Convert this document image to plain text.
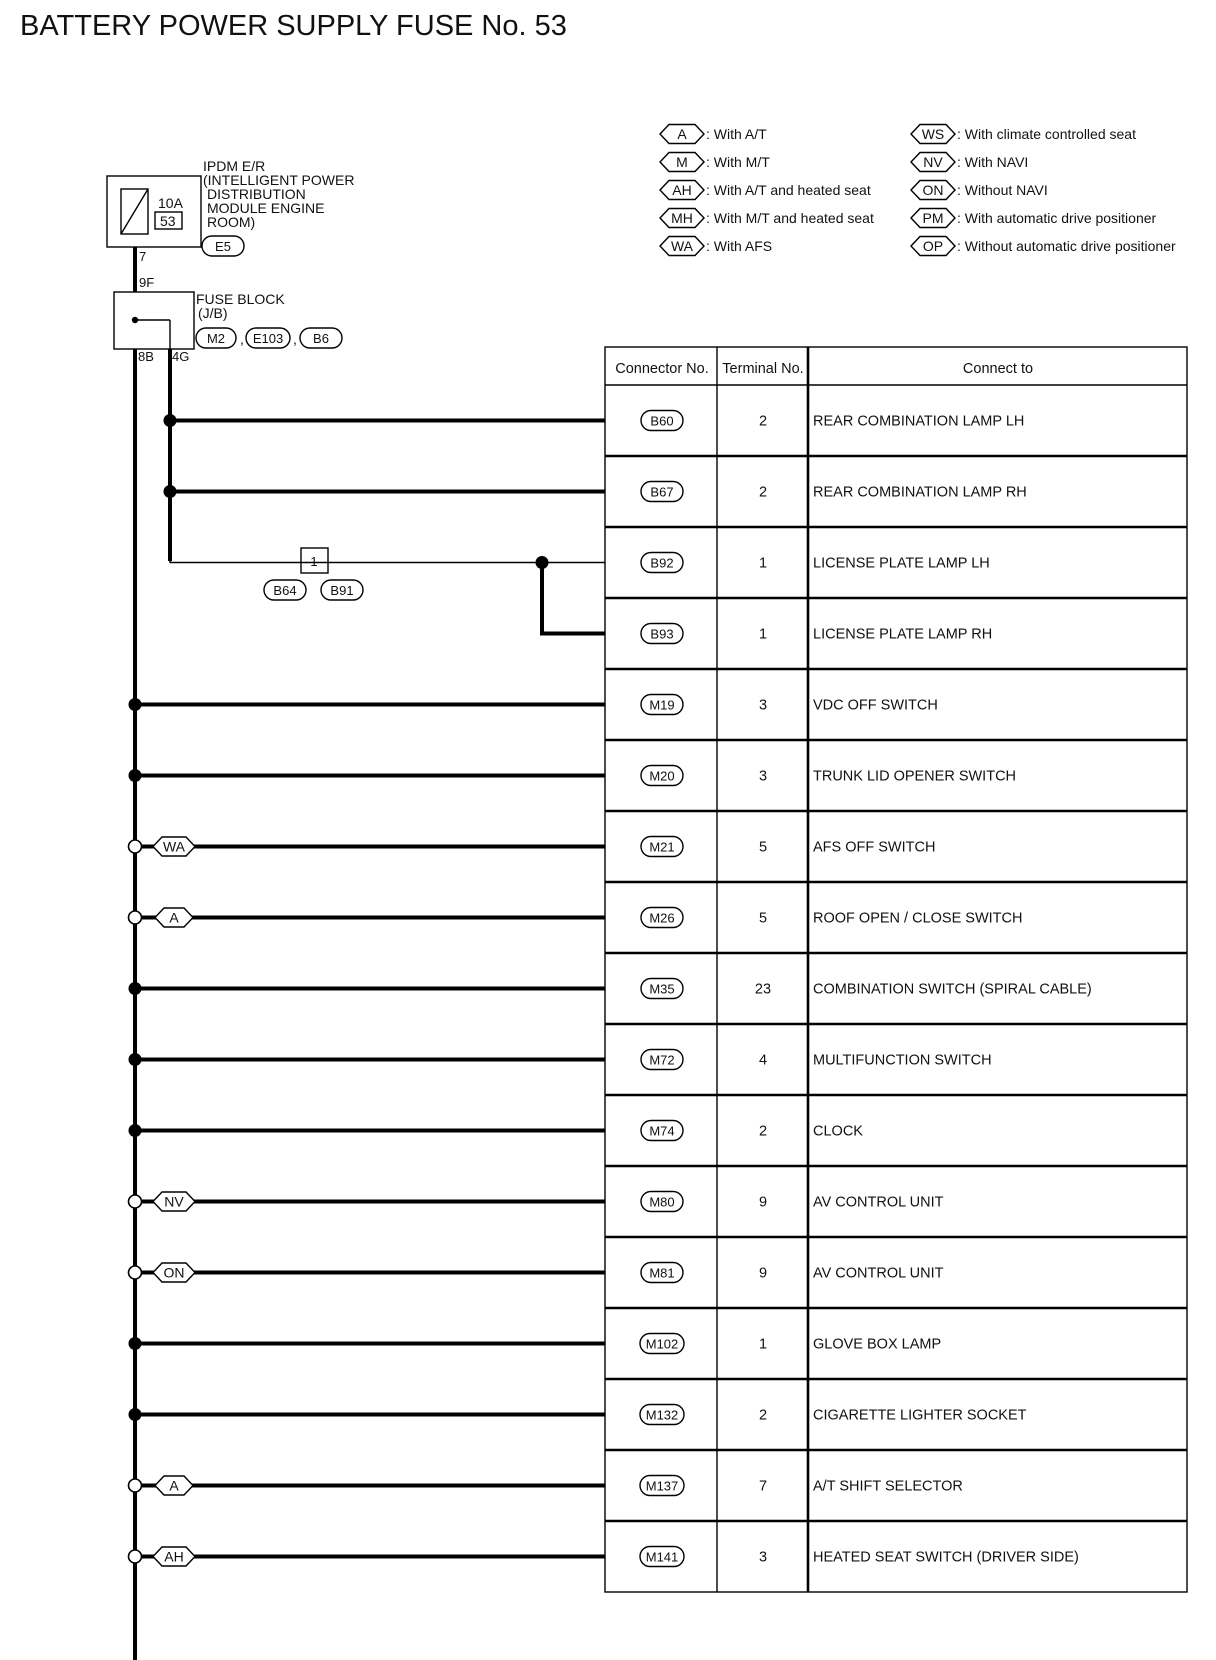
BATTERY POWER SUPPLY FUSE No. 53
A : With A/T
M : With M/T
AH : With A/T and heated seat
MH : With M/T and heated seat
WA : With AFS
WS : With climate controlled seat
NV : With NAVI
ON : Without NAVI
PM : With automatic drive positioner
OP : Without automatic drive positioner
10A
53
IPDM E/R
(INTELLIGENT POWER
DISTRIBUTION
MODULE ENGINE
ROOM)
E5
7
9F
FUSE BLOCK
(J/B)
M2 , E103 , B6
8B 4G
B60	2	REAR COMBINATION LAMP LH
B67	2	REAR COMBINATION LAMP RH
B92	1	LICENSE PLATE LAMP LH
B93	1	LICENSE PLATE LAMP RH
M19	3	VDC OFF SWITCH
M20	3	TRUNK LID OPENER SWITCH
M21	5	AFS OFF SWITCH
WA
M26	5	ROOF OPEN / CLOSE SWITCH
A
M35	23	COMBINATION SWITCH (SPIRAL CABLE)
M72	4	MULTIFUNCTION SWITCH
M74	2	CLOCK
M80	9	AV CONTROL UNIT
NV
M81	9	AV CONTROL UNIT
ON
M102	1	GLOVE BOX LAMP
M132	2	CIGARETTE LIGHTER SOCKET
M137	7	A/T SHIFT SELECTOR
A
M141	3	HEATED SEAT SWITCH (DRIVER SIDE)
AH
Connector No. Terminal No.	Connect to
1
B64	B91
